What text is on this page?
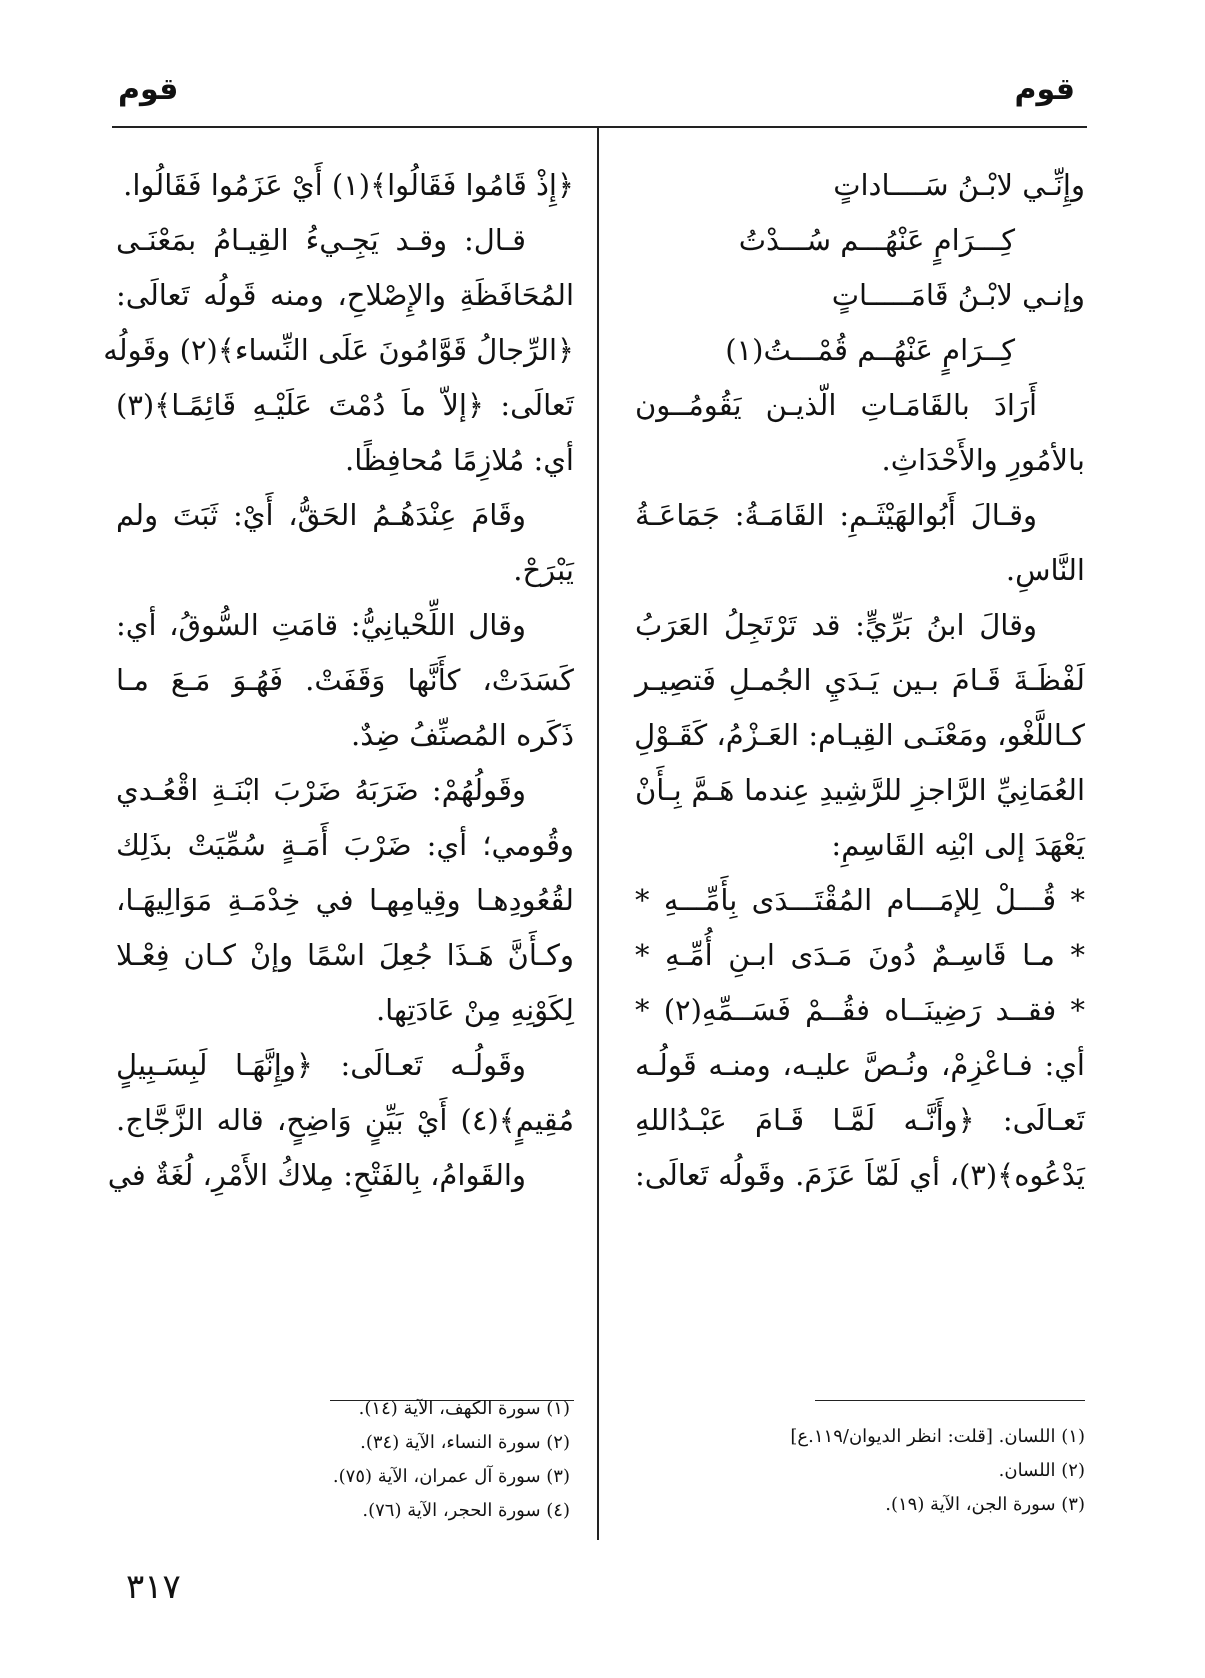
قوم
قوم
وإِنِّـي لابْـنُ سَــــاداتٍ
كِـــرَامٍ عَنْهُـــم سُـــدْتُ
وإنـي لابْـنُ قَامَـــــاتٍ
كِــرَامٍ عَنْهُــم قُمْـــتُ(١)
أَرَادَ بالقَامَـاتِ الّذيـن يَقُومُــون
بالأمُورِ والأَحْدَاثِ.
وقـالَ أَبُوالهَيْثَـمِ: القَامَـةُ: جَمَاعَـةُ
النَّاسِ.
وقالَ ابنُ بَرِّيٍّ: قد تَرْتَجِلُ العَرَبُ
لَفْظَـةَ قَـامَ بـين يَـدَيِ الجُمـلِ فَتصِيـر
كـاللَّغْو، ومَعْنَـى القِيـام: العَـزْمُ، كَقَـوْلِ
العُمَانِيِّ الرَّاجزِ للرَّشِيدِ عِندما هَـمَّ بِـأَنْ
يَعْهَدَ إلى ابْنِه القَاسِمِ:
* قُـــلْ لِلإمَـــام المُقْتَـــدَى بِأَمِّـــهِ *
* مـا قَاسِـمٌ دُونَ مَـدَى ابـنِ أُمِّـهِ *
* فقــد رَضِينَــاه فقُــمْ فَسَــمِّهِ(٢) *
أي: فـاعْزِمْ، ونُـصَّ عليـه، ومنـه قَولُـه
تَعـالَى: ﴿وأَنَّـه لَمَّـا قَـامَ عَبْـدُاللهِ
يَدْعُوه﴾(٣)، أي لَمّاَ عَزَمَ. وقَولُه تَعالَى:
﴿إِذْ قَامُوا فَقَالُوا﴾(١) أَيْ عَزَمُوا فَقَالُوا.
قـال: وقـد يَجِـيءُ القِيـامُ بمَعْنَـى
المُحَافَظَةِ والإِصْلاحِ، ومنه قَولُه تَعالَى:
﴿الرِّجالُ قَوَّامُونَ عَلَى النِّساء﴾(٢) وقَولُه
تَعالَى: ﴿إلاّ ماَ دُمْتَ عَلَيْـهِ قَائِمًـا﴾(٣)
أي: مُلازِمًا مُحافِظًا.
وقَامَ عِنْدَهُـمُ الحَقُّ، أَيْ: ثَبَتَ ولم
يَبْرَحْ.
وقال اللِّحْيانِيُّ: قامَتِ السُّوقُ، أي:
كَسَدَتْ، كأَنَّها وَقَفَتْ. فَهُـوَ مَـعَ مـا
ذَكَره المُصنِّفُ ضِدٌ.
وقَولُهُمْ: ضَرَبَهُ ضَرْبَ ابْنَـةِ اقْعُـدي
وقُومي؛ أي: ضَرْبَ أَمَـةٍ سُمِّيَتْ بذَلِك
لقُعُودِهـا وقِيامِهـا في خِدْمَـةِ مَوَالِيهَـا،
وكـأَنَّ هَـذَا جُعِلَ اسْمًا وإنْ كـان فِعْـلا
لِكَوْنِهِ مِنْ عَادَتِها.
وقَولُـه تَعـالَى: ﴿وإِنَّهَـا لَبِسَـبِيلٍ
مُقِيمٍ﴾(٤) أَيْ بَيِّنٍ وَاضِحٍ، قاله الزَّجَّاج.
والقَوامُ، بِالفَتْحِ: مِلاكُ الأَمْرِ، لُغَةٌ في
(١) اللسان. [قلت: انظر الديوان/١١٩.ع]
(٢) اللسان.
(٣) سورة الجن، الآية (١٩).
(١) سورة الكهف، الآية (١٤).
(٢) سورة النساء، الآية (٣٤).
(٣) سورة آل عمران، الآية (٧٥).
(٤) سورة الحجر، الآية (٧٦).
٣١٧
